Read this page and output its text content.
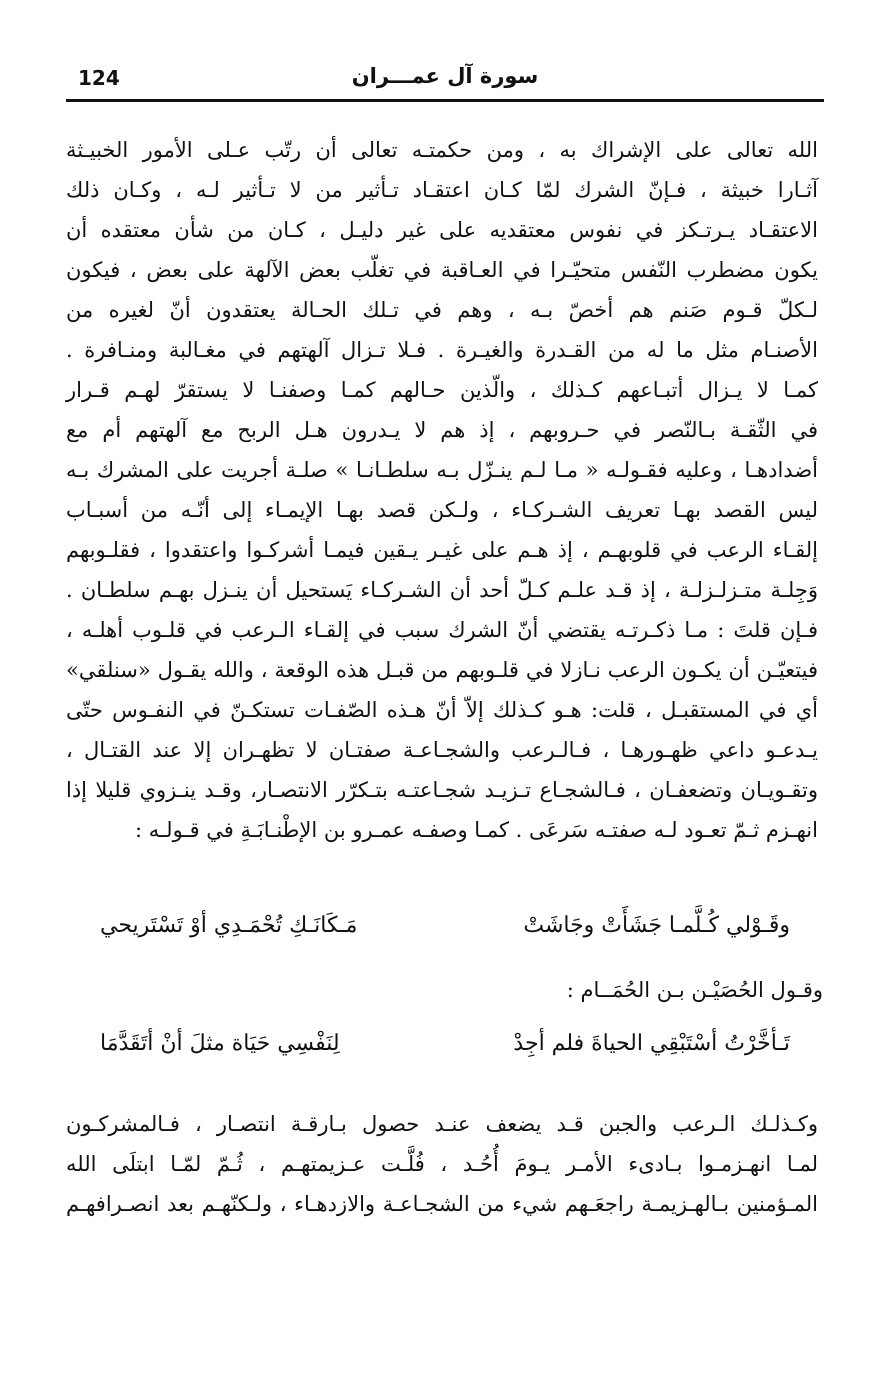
124	سورة آل عمـــران
الله تعالى على الإشراك به ، ومن حكمتـه تعالى أن رتّب عـلى الأمور الخبيـثة
آثـارا خبيثة ، فـإنّ الشرك لمّا كـان اعتقـاد تـأثير من لا تـأثير لـه ، وكـان ذلك
الاعتقـاد يـرتـكز في نفوس معتقديه على غير دليـل ، كـان من شأن معتقده أن
يكون مضطرب النّفس متحيّـرا في العـاقبة في تغلّب بعض الآلهة على بعض ، فيكون
لـكلّ قـوم صَنم هم أخصّ بـه ، وهم في تـلك الحـالة يعتقدون أنّ لغيره من
الأصنـام مثل ما له من القـدرة والغيـرة . فـلا تـزال آلهتهم في مغـالبة ومنـافرة .
كمـا لا يـزال أتبـاعهم كـذلك ، والّذين حـالهم كمـا وصفنـا لا يستقرّ لهـم قـرار
في الثّقـة بـالنّصر في حـروبهم ، إذ هم لا يـدرون هـل الربح مع آلهتهم أم مع
أضدادهـا ، وعليه فقـولـه « مـا لـم ينـزّل بـه سلطـانـا » صلـة أجريت على المشرك بـه
ليس القصد بهـا تعريف الشـركـاء ، ولـكن قصد بهـا الإيمـاء إلى أنّـه من أسبـاب
إلقـاء الرعب في قلوبهـم ، إذ هـم على غيـر يـقين فيمـا أشركـوا واعتقدوا ، فقلـوبهم
وَجِلـة متـزلـزلـة ، إذ قـد علـم كـلّ أحد أن الشـركـاء يَستحيل أن ينـزل بهـم سلطـان .
فـإن قلتَ : مـا ذكـرتـه يقتضي أنّ الشرك سبب في إلقـاء الـرعب في قلـوب أهلـه ،
فيتعيّـن أن يكـون الرعب نـازلا في قلـوبهم من قبـل هذه الوقعة ، والله يقـول «سنلقي»
أي في المستقبـل ، قلت: هـو كـذلك إلاّ أنّ هـذه الصّفـات تستكـنّ في النفـوس حتّى
يـدعـو داعي ظهـورهـا ، فـالـرعب والشجـاعـة صفتـان لا تظهـران إلا عند القتـال ،
وتقـويـان وتضعفـان ، فـالشجـاع تـزيـد شجـاعتـه بتـكرّر الانتصـار، وقـد ينـزوي قليلا إذا
انهـزم ثـمّ تعـود لـه صفتـه سَرعَى . كمـا وصفـه عمـرو بن الإطْنـابَـةِ في قـولـه :
وقَـوْلي كُـلَّمـا جَشَأَتْ وجَاشَتْ
مَـكَانَـكِ تُحْمَـدِي أوْ تَسْتَريحي
وقـول الحُصَيْـن بـن الحُمَــام :
تَـأخَّرْتُ أسْتَبْقِي الحياةَ فلم أجِدْ
لِنَفْسِي حَيَاة مثلَ أنْ أتَقَدَّمَا
وكـذلـك الـرعب والجبن قـد يضعف عنـد حصول بـارقـة انتصـار ، فـالمشركـون
لمـا انهـزمـوا بـادىء الأمـر يـومَ أُحُـد ، فُلَّـت عـزيمتهـم ، ثُـمّ لمّـا ابتلَى الله
المـؤمنين بـالهـزيمـة راجعَـهم شيء من الشجـاعـة والازدهـاء ، ولـكنّهـم بعد انصـرافهـم
